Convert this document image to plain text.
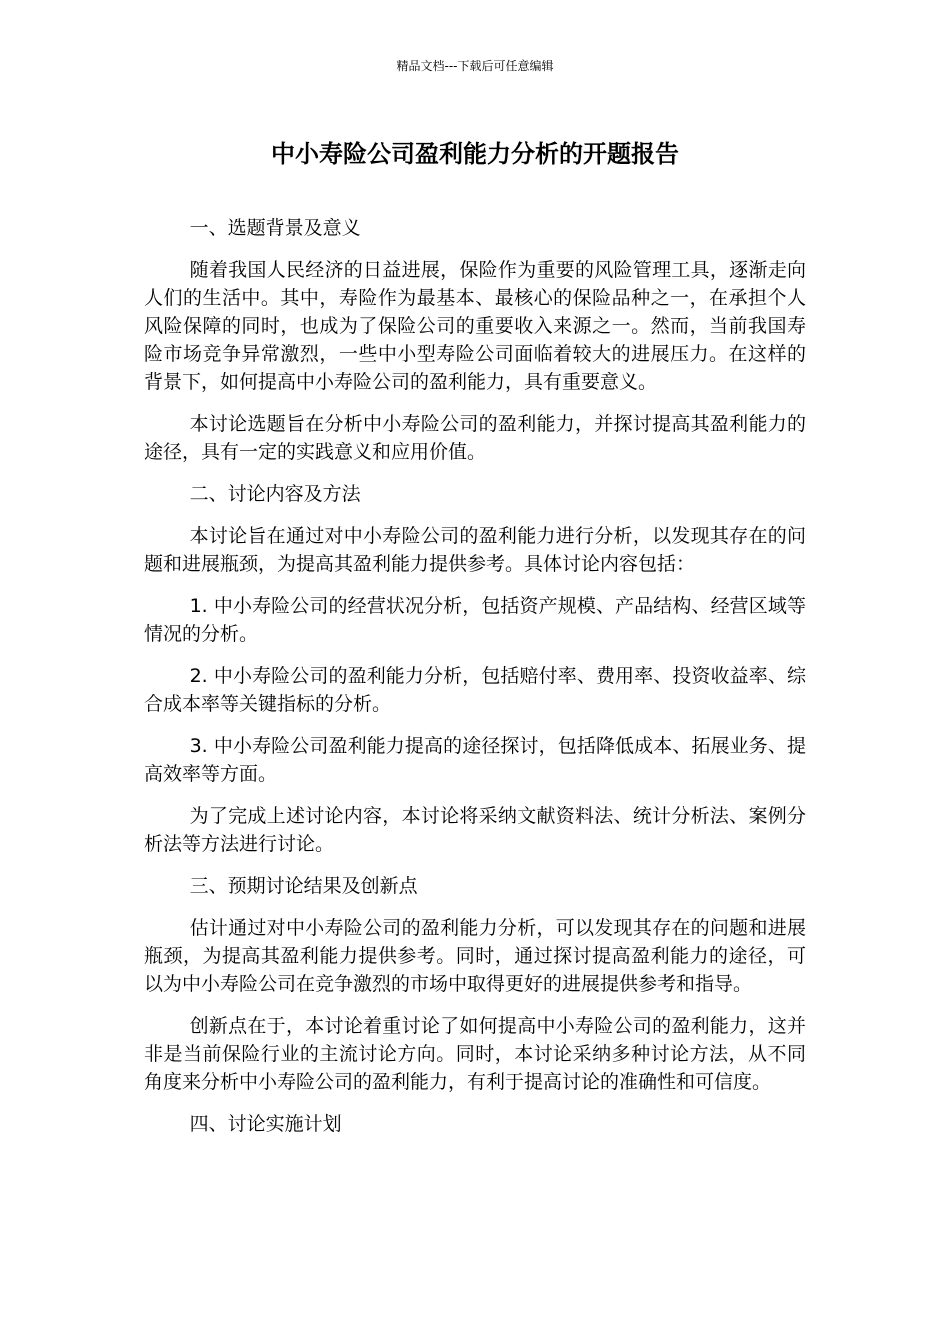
精品文档---下载后可任意编辑
中小寿险公司盈利能力分析的开题报告

一、选题背景及意义

随着我国人民经济的日益进展，保险作为重要的风险管理工具，逐渐走向人们的生活中。其中，寿险作为最基本、最核心的保险品种之一，在承担个人风险保障的同时，也成为了保险公司的重要收入来源之一。然而，当前我国寿险市场竞争异常激烈，一些中小型寿险公司面临着较大的进展压力。在这样的背景下，如何提高中小寿险公司的盈利能力，具有重要意义。

本讨论选题旨在分析中小寿险公司的盈利能力，并探讨提高其盈利能力的途径，具有一定的实践意义和应用价值。

二、讨论内容及方法

本讨论旨在通过对中小寿险公司的盈利能力进行分析，以发现其存在的问题和进展瓶颈，为提高其盈利能力提供参考。具体讨论内容包括：

1. 中小寿险公司的经营状况分析，包括资产规模、产品结构、经营区域等情况的分析。

2. 中小寿险公司的盈利能力分析，包括赔付率、费用率、投资收益率、综合成本率等关键指标的分析。

3. 中小寿险公司盈利能力提高的途径探讨，包括降低成本、拓展业务、提高效率等方面。

为了完成上述讨论内容，本讨论将采纳文献资料法、统计分析法、案例分析法等方法进行讨论。

三、预期讨论结果及创新点

估计通过对中小寿险公司的盈利能力分析，可以发现其存在的问题和进展瓶颈，为提高其盈利能力提供参考。同时，通过探讨提高盈利能力的途径，可以为中小寿险公司在竞争激烈的市场中取得更好的进展提供参考和指导。

创新点在于，本讨论着重讨论了如何提高中小寿险公司的盈利能力，这并非是当前保险行业的主流讨论方向。同时，本讨论采纳多种讨论方法，从不同角度来分析中小寿险公司的盈利能力，有利于提高讨论的准确性和可信度。

四、讨论实施计划
